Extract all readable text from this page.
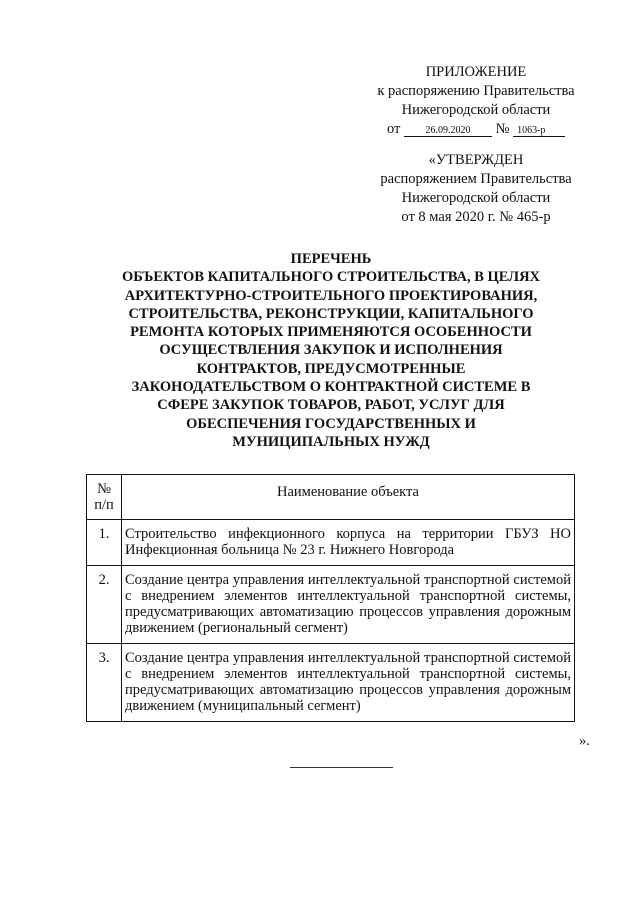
ПРИЛОЖЕНИЕ
к распоряжению Правительства
Нижегородской области
от	26.09.2020 № 1063-р
«УТВЕРЖДЕН
распоряжением Правительства
Нижегородской области
от 8 мая 2020 г. № 465-р
ПЕРЕЧЕНЬ
ОБЪЕКТОВ КАПИТАЛЬНОГО СТРОИТЕЛЬСТВА, В ЦЕЛЯХ
АРХИТЕКТУРНО-СТРОИТЕЛЬНОГО ПРОЕКТИРОВАНИЯ,
СТРОИТЕЛЬСТВА, РЕКОНСТРУКЦИИ, КАПИТАЛЬНОГО
РЕМОНТА КОТОРЫХ ПРИМЕНЯЮТСЯ ОСОБЕННОСТИ
ОСУЩЕСТВЛЕНИЯ ЗАКУПОК И ИСПОЛНЕНИЯ
КОНТРАКТОВ, ПРЕДУСМОТРЕННЫЕ
ЗАКОНОДАТЕЛЬСТВОМ О КОНТРАКТНОЙ СИСТЕМЕ В
СФЕРЕ ЗАКУПОК ТОВАРОВ, РАБОТ, УСЛУГ ДЛЯ
ОБЕСПЕЧЕНИЯ ГОСУДАРСТВЕННЫХ И
МУНИЦИПАЛЬНЫХ НУЖД
№
п/п	Наименование объекта
1.	Строительство инфекционного корпуса на территории ГБУЗ НО Инфекционная больница № 23 г. Нижнего Новгорода
2.	Создание центра управления интеллектуальной транспортной системой с внедрением элементов интеллектуальной транспортной системы, предусматривающих автоматизацию процессов управления дорожным движением (региональный сегмент)
3.	Создание центра управления интеллектуальной транспортной системой с внедрением элементов интеллектуальной транспортной системы, предусматривающих автоматизацию процессов управления дорожным движением (муниципальный сегмент)
».
